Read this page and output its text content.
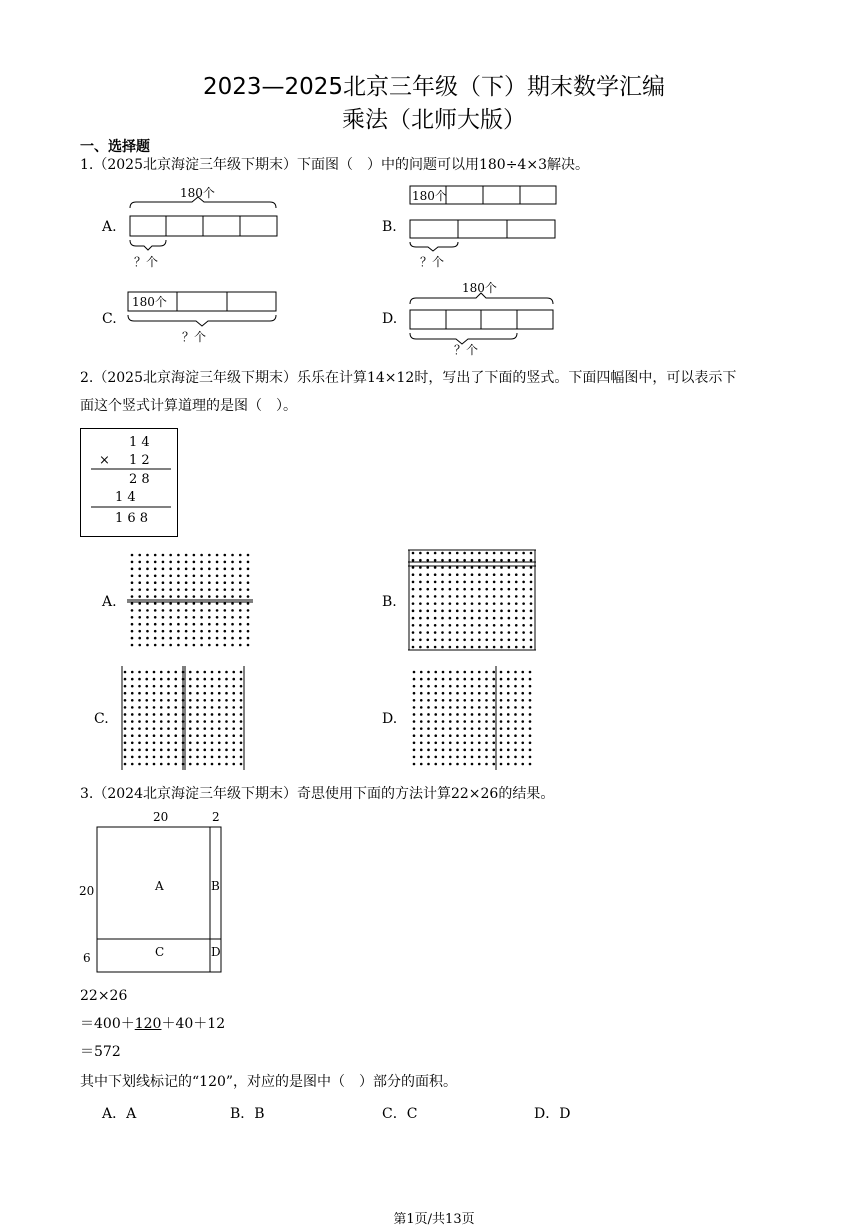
2023—2025北京三年级（下）期末数学汇编
乘法（北师大版）
一、选择题
1.（2025北京海淀三年级下期末）下面图（　）中的问题可以用180÷4×3解决。
A.
180个
？个
B.
180个
？个
C.
180个
？个
D.
180个
？个
2.（2025北京海淀三年级下期末）乐乐在计算14×12时，写出了下面的竖式。下面四幅图中，可以表示下
面这个竖式计算道理的是图（　）。
1 4
× 1 2
2 8
1 4
1 6 8
A.	B.
C.	D.
3.（2024北京海淀三年级下期末）奇思使用下面的方法计算22×26的结果。
20	2
20
6
A	B
C	D
22×26
＝400＋120＋40＋12
＝572
其中下划线标记的“120”，对应的是图中（　）部分的面积。
A．A	B．B	C．C	D．D
第1页/共13页
